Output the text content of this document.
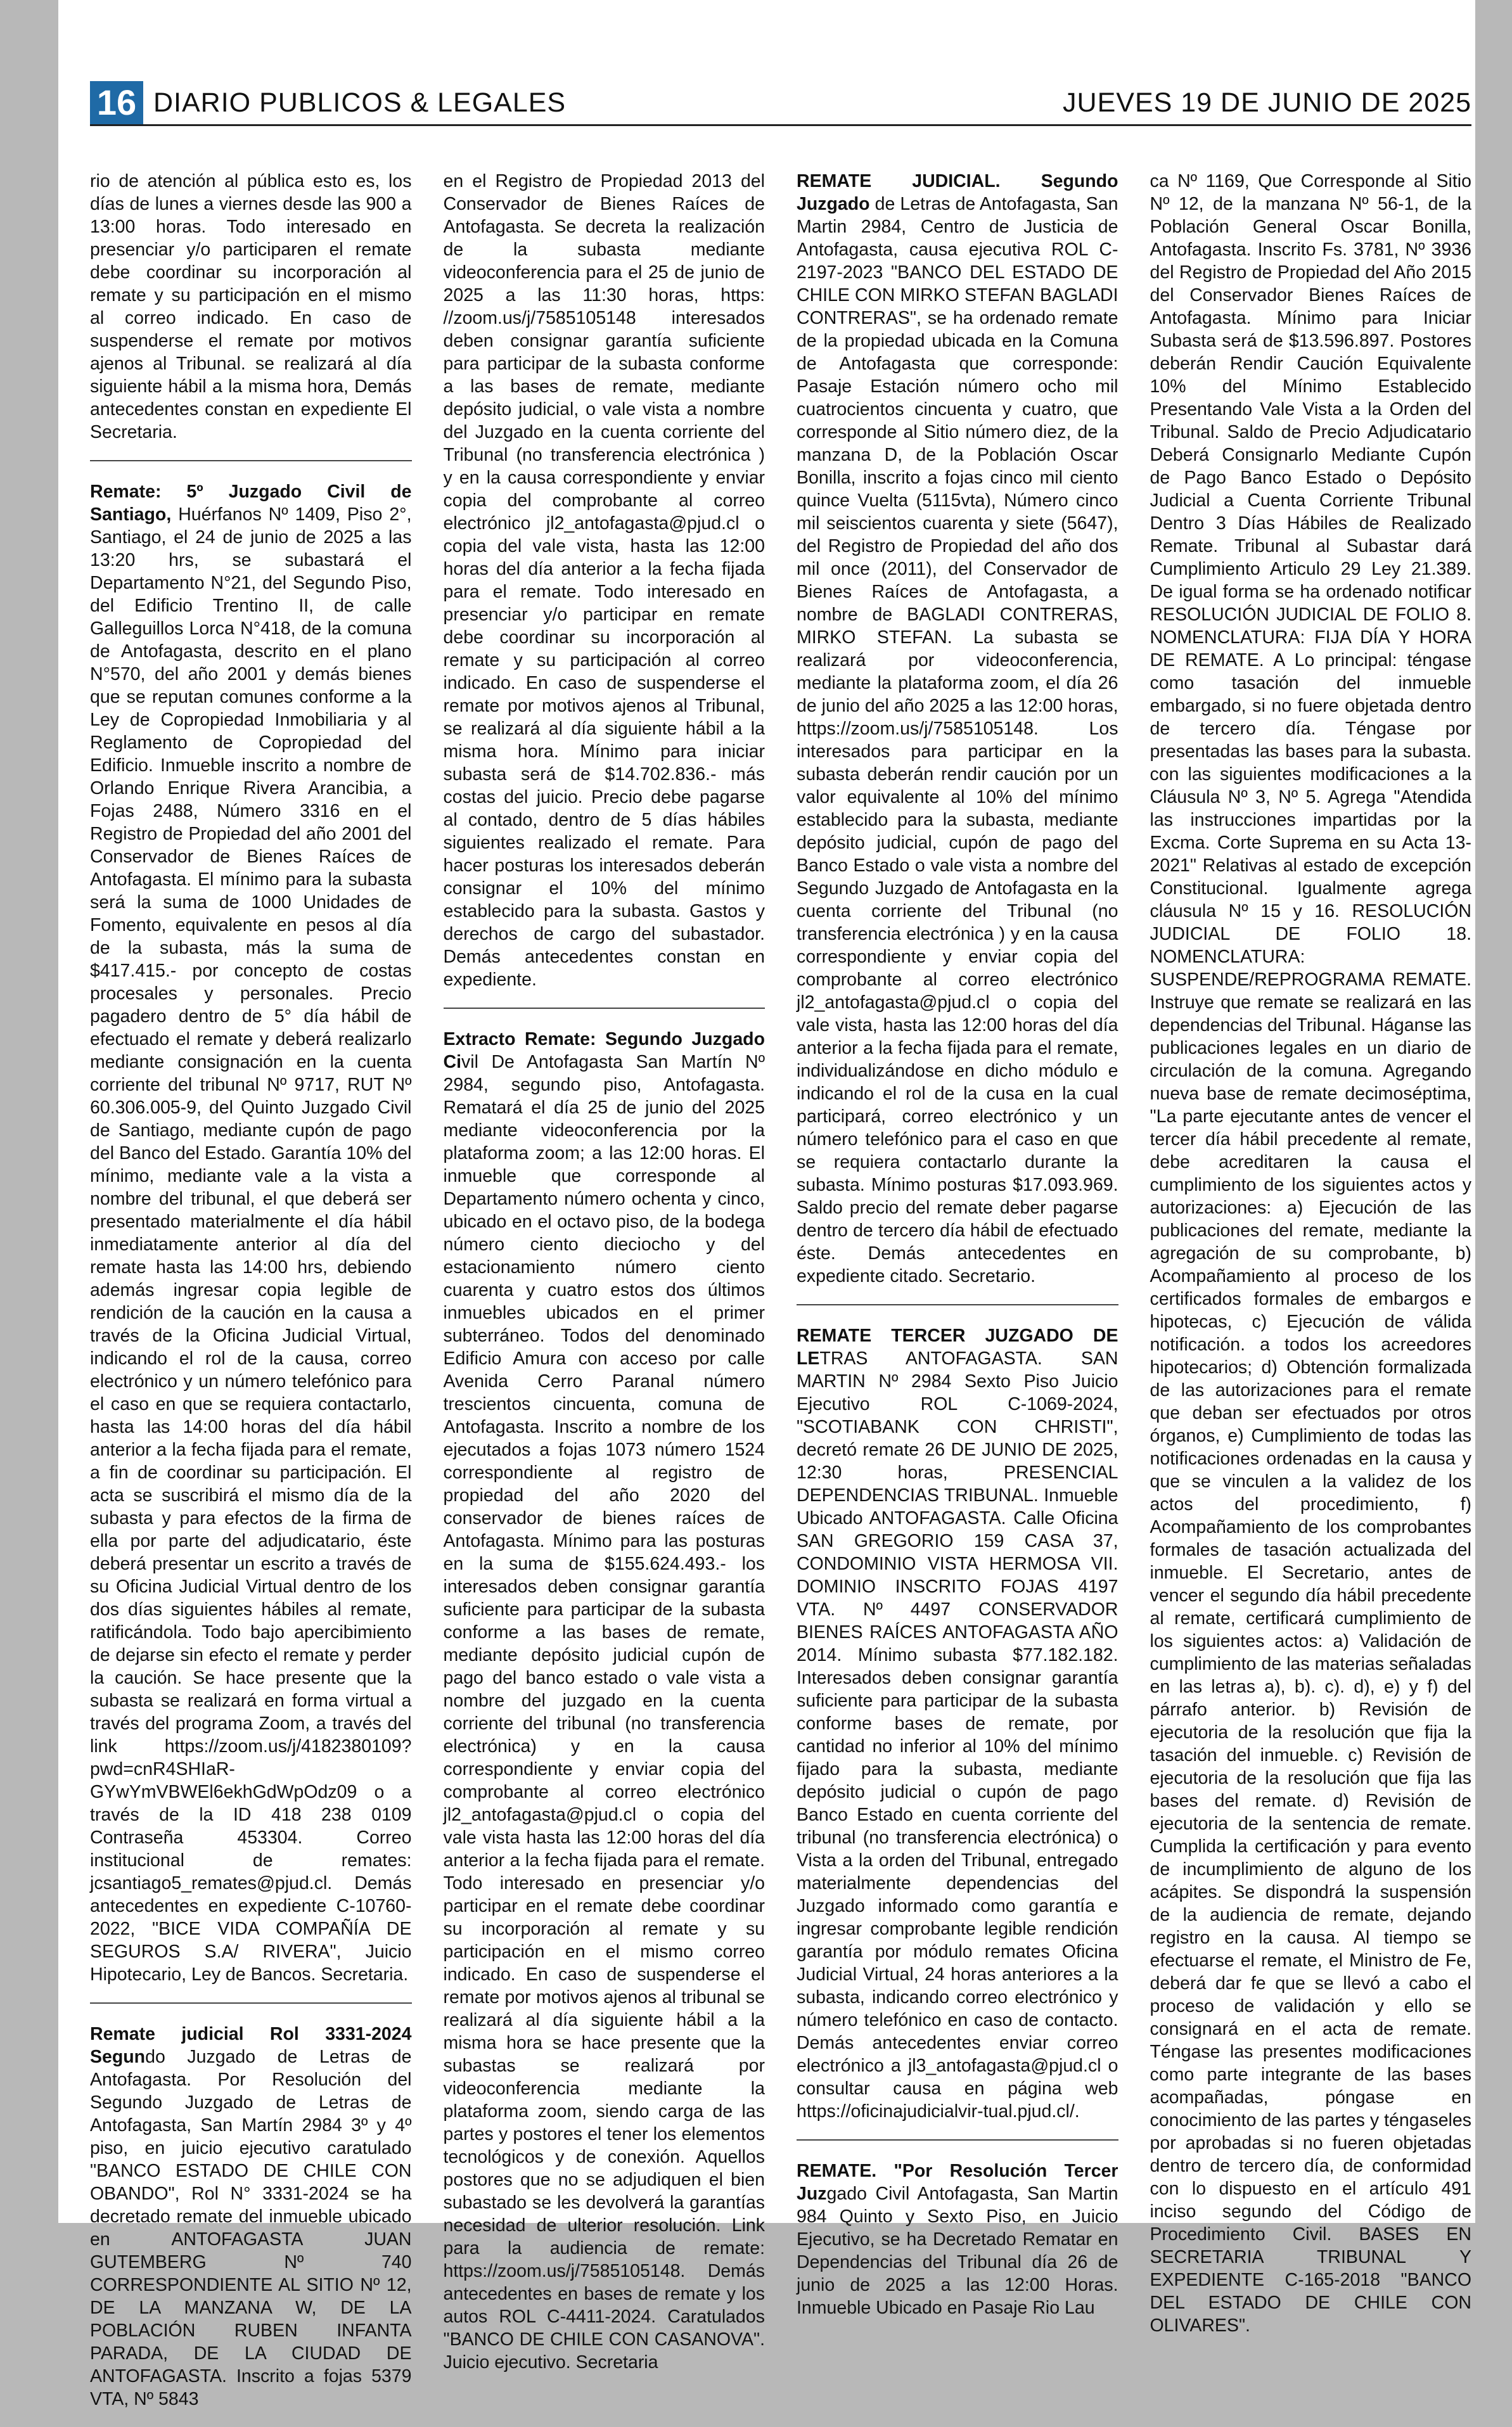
16 DIARIO PUBLICOS & LEGALES	JUEVES 19 DE JUNIO DE 2025

rio de atención al pública esto es, los días de lunes a viernes desde las 900 a 13:00 horas. Todo interesado en presenciar y/o participaren el remate debe coordinar su incorporación al remate y su participación en el mismo al correo indicado. En caso de suspenderse el remate por motivos ajenos al Tribunal. se realizará al día siguiente hábil a la misma hora, Demás antecedentes constan en expediente El Secretaria.

Remate: 5º Juzgado Civil de Santiago, Huérfanos Nº 1409, Piso 2°, Santiago, el 24 de junio de 2025 a las 13:20 hrs, se subastará el Departamento N°21, del Segundo Piso, del Edificio Trentino II, de calle Galleguillos Lorca N°418, de la comuna de Antofagasta, descrito en el plano N°570, del año 2001 y demás bienes que se reputan comunes conforme a la Ley de Copropiedad Inmobiliaria y al Reglamento de Copropiedad del Edificio. Inmueble inscrito a nombre de Orlando Enrique Rivera Arancibia, a Fojas 2488, Número 3316 en el Registro de Propiedad del año 2001 del Conservador de Bienes Raíces de Antofagasta. El mínimo para la subasta será la suma de 1000 Unidades de Fomento, equivalente en pesos al día de la subasta, más la suma de $417.415.- por concepto de costas procesales y personales. Precio pagadero dentro de 5° día hábil de efectuado el remate y deberá realizarlo mediante consignación en la cuenta corriente del tribunal Nº 9717, RUT Nº 60.306.005-9, del Quinto Juzgado Civil de Santiago, mediante cupón de pago del Banco del Estado. Garantía 10% del mínimo, mediante vale a la vista a nombre del tribunal, el que deberá ser presentado materialmente el día hábil inmediatamente anterior al día del remate hasta las 14:00 hrs, debiendo además ingresar copia legible de rendición de la caución en la causa a través de la Oficina Judicial Virtual, indicando el rol de la causa, correo electrónico y un número telefónico para el caso en que se requiera contactarlo, hasta las 14:00 horas del día hábil anterior a la fecha fijada para el remate, a fin de coordinar su participación. El acta se suscribirá el mismo día de la subasta y para efectos de la firma de ella por parte del adjudicatario, éste deberá presentar un escrito a través de su Oficina Judicial Virtual dentro de los dos días siguientes hábiles al remate, ratificándola. Todo bajo apercibimiento de dejarse sin efecto el remate y perder la caución. Se hace presente que la subasta se realizará en forma virtual a través del programa Zoom, a través del link https://zoom.us/j/4182380109?pwd=cnR4SHIaR-GYwYmVBWEl6ekhGdWpOdz09 o a través de la ID 418 238 0109 Contraseña 453304. Correo institucional de remates: jcsantiago5_remates@pjud.cl. Demás antecedentes en expediente C-10760-2022, "BICE VIDA COMPAÑÍA DE SEGUROS S.A/ RIVERA", Juicio Hipotecario, Ley de Bancos. Secretaria.

Remate judicial Rol 3331-2024 Segundo Juzgado de Letras de Antofagasta. Por Resolución del Segundo Juzgado de Letras de Antofagasta, San Martín 2984 3º y 4º piso, en juicio ejecutivo caratulado "BANCO ESTADO DE CHILE CON OBANDO", Rol N° 3331-2024 se ha decretado remate del inmueble ubicado en ANTOFAGASTA JUAN GUTEMBERG Nº 740 CORRESPONDIENTE AL SITIO Nº 12, DE LA MANZANA W, DE LA POBLACIÓN RUBEN INFANTA PARADA, DE LA CIUDAD DE ANTOFAGASTA. Inscrito a fojas 5379 VTA, Nº 5843

en el Registro de Propiedad 2013 del Conservador de Bienes Raíces de Antofagasta. Se decreta la realización de la subasta mediante videoconferencia para el 25 de junio de 2025 a las 11:30 horas, https: //zoom.us/j/7585105148 interesados deben consignar garantía suficiente para participar de la subasta conforme a las bases de remate, mediante depósito judicial, o vale vista a nombre del Juzgado en la cuenta corriente del Tribunal (no transferencia electrónica ) y en la causa correspondiente y enviar copia del comprobante al correo electrónico jl2_antofagasta@pjud.cl o copia del vale vista, hasta las 12:00 horas del día anterior a la fecha fijada para el remate. Todo interesado en presenciar y/o participar en remate debe coordinar su incorporación al remate y su participación al correo indicado. En caso de suspenderse el remate por motivos ajenos al Tribunal, se realizará al día siguiente hábil a la misma hora. Mínimo para iniciar subasta será de $14.702.836.- más costas del juicio. Precio debe pagarse al contado, dentro de 5 días hábiles siguientes realizado el remate. Para hacer posturas los interesados deberán consignar el 10% del mínimo establecido para la subasta. Gastos y derechos de cargo del subastador. Demás antecedentes constan en expediente.

Extracto Remate: Segundo Juzgado Civil De Antofagasta San Martín Nº 2984, segundo piso, Antofagasta. Rematará el día 25 de junio del 2025 mediante videoconferencia por la plataforma zoom; a las 12:00 horas. El inmueble que corresponde al Departamento número ochenta y cinco, ubicado en el octavo piso, de la bodega número ciento dieciocho y del estacionamiento número ciento cuarenta y cuatro estos dos últimos inmuebles ubicados en el primer subterráneo. Todos del denominado Edificio Amura con acceso por calle Avenida Cerro Paranal número trescientos cincuenta, comuna de Antofagasta. Inscrito a nombre de los ejecutados a fojas 1073 número 1524 correspondiente al registro de propiedad del año 2020 del conservador de bienes raíces de Antofagasta. Mínimo para las posturas en la suma de $155.624.493.- los interesados deben consignar garantía suficiente para participar de la subasta conforme a las bases de remate, mediante depósito judicial cupón de pago del banco estado o vale vista a nombre del juzgado en la cuenta corriente del tribunal (no transferencia electrónica) y en la causa correspondiente y enviar copia del comprobante al correo electrónico jl2_antofagasta@pjud.cl o copia del vale vista hasta las 12:00 horas del día anterior a la fecha fijada para el remate. Todo interesado en presenciar y/o participar en el remate debe coordinar su incorporación al remate y su participación en el mismo correo indicado. En caso de suspenderse el remate por motivos ajenos al tribunal se realizará al día siguiente hábil a la misma hora se hace presente que la subastas se realizará por videoconferencia mediante la plataforma zoom, siendo carga de las partes y postores el tener los elementos tecnológicos y de conexión. Aquellos postores que no se adjudiquen el bien subastado se les devolverá la garantías necesidad de ulterior resolución. Link para la audiencia de remate: https://zoom.us/j/7585105148. Demás antecedentes en bases de remate y los autos ROL C-4411-2024. Caratulados "BANCO DE CHILE CON CASANOVA". Juicio ejecutivo. Secretaria

REMATE JUDICIAL. Segundo Juzgado de Letras de Antofagasta, San Martin 2984, Centro de Justicia de Antofagasta, causa ejecutiva ROL C-2197-2023 "BANCO DEL ESTADO DE CHILE CON MIRKO STEFAN BAGLADI CONTRERAS", se ha ordenado remate de la propiedad ubicada en la Comuna de Antofagasta que corresponde: Pasaje Estación número ocho mil cuatrocientos cincuenta y cuatro, que corresponde al Sitio número diez, de la manzana D, de la Población Oscar Bonilla, inscrito a fojas cinco mil ciento quince Vuelta (5115vta), Número cinco mil seiscientos cuarenta y siete (5647), del Registro de Propiedad del año dos mil once (2011), del Conservador de Bienes Raíces de Antofagasta, a nombre de BAGLADI CONTRERAS, MIRKO STEFAN. La subasta se realizará por videoconferencia, mediante la plataforma zoom, el día 26 de junio del año 2025 a las 12:00 horas, https://zoom.us/j/7585105148. Los interesados para participar en la subasta deberán rendir caución por un valor equivalente al 10% del mínimo establecido para la subasta, mediante depósito judicial, cupón de pago del Banco Estado o vale vista a nombre del Segundo Juzgado de Antofagasta en la cuenta corriente del Tribunal (no transferencia electrónica ) y en la causa correspondiente y enviar copia del comprobante al correo electrónico jl2_antofagasta@pjud.cl o copia del vale vista, hasta las 12:00 horas del día anterior a la fecha fijada para el remate, individualizándose en dicho módulo e indicando el rol de la cusa en la cual participará, correo electrónico y un número telefónico para el caso en que se requiera contactarlo durante la subasta. Mínimo posturas $17.093.969. Saldo precio del remate deber pagarse dentro de tercero día hábil de efectuado éste. Demás antecedentes en expediente citado. Secretario.

REMATE TERCER JUZGADO DE LETRAS ANTOFAGASTA. SAN MARTIN Nº 2984 Sexto Piso Juicio Ejecutivo ROL C-1069-2024, "SCOTIABANK CON CHRISTI", decretó remate 26 DE JUNIO DE 2025, 12:30 horas, PRESENCIAL DEPENDENCIAS TRIBUNAL. Inmueble Ubicado ANTOFAGASTA. Calle Oficina SAN GREGORIO 159 CASA 37, CONDOMINIO VISTA HERMOSA VII. DOMINIO INSCRITO FOJAS 4197 VTA. Nº 4497 CONSERVADOR BIENES RAÍCES ANTOFAGASTA AÑO 2014. Mínimo subasta $77.182.182. Interesados deben consignar garantía suficiente para participar de la subasta conforme bases de remate, por cantidad no inferior al 10% del mínimo fijado para la subasta, mediante depósito judicial o cupón de pago Banco Estado en cuenta corriente del tribunal (no transferencia electrónica) o Vista a la orden del Tribunal, entregado materialmente dependencias del Juzgado informado como garantía e ingresar comprobante legible rendición garantía por módulo remates Oficina Judicial Virtual, 24 horas anteriores a la subasta, indicando correo electrónico y número telefónico en caso de contacto. Demás antecedentes enviar correo electrónico a jl3_antofagasta@pjud.cl o consultar causa en página web https://oficinajudicialvir-tual.pjud.cl/.

REMATE. "Por Resolución Tercer Juzgado Civil Antofagasta, San Martin 984 Quinto y Sexto Piso, en Juicio Ejecutivo, se ha Decretado Rematar en Dependencias del Tribunal día 26 de junio de 2025 a las 12:00 Horas. Inmueble Ubicado en Pasaje Rio Lau

ca Nº 1169, Que Corresponde al Sitio Nº 12, de la manzana Nº 56-1, de la Población General Oscar Bonilla, Antofagasta. Inscrito Fs. 3781, Nº 3936 del Registro de Propiedad del Año 2015 del Conservador Bienes Raíces de Antofagasta. Mínimo para Iniciar Subasta será de $13.596.897. Postores deberán Rendir Caución Equivalente 10% del Mínimo Establecido Presentando Vale Vista a la Orden del Tribunal. Saldo de Precio Adjudicatario Deberá Consignarlo Mediante Cupón de Pago Banco Estado o Depósito Judicial a Cuenta Corriente Tribunal Dentro 3 Días Hábiles de Realizado Remate. Tribunal al Subastar dará Cumplimiento Articulo 29 Ley 21.389. De igual forma se ha ordenado notificar RESOLUCIÓN JUDICIAL DE FOLIO 8. NOMENCLATURA: FIJA DÍA Y HORA DE REMATE. A Lo principal: téngase como tasación del inmueble embargado, si no fuere objetada dentro de tercero día. Téngase por presentadas las bases para la subasta. con las siguientes modificaciones a la Cláusula Nº 3, Nº 5. Agrega "Atendida las instrucciones impartidas por la Excma. Corte Suprema en su Acta 13-2021" Relativas al estado de excepción Constitucional. Igualmente agrega cláusula Nº 15 y 16. RESOLUCIÓN JUDICIAL DE FOLIO 18. NOMENCLATURA: SUSPENDE/REPROGRAMA REMATE. Instruye que remate se realizará en las dependencias del Tribunal. Háganse las publicaciones legales en un diario de circulación de la comuna. Agregando nueva base de remate decimoséptima, "La parte ejecutante antes de vencer el tercer día hábil precedente al remate, debe acreditaren la causa el cumplimiento de los siguientes actos y autorizaciones: a) Ejecución de las publicaciones del remate, mediante la agregación de su comprobante, b) Acompañamiento al proceso de los certificados formales de embargos e hipotecas, c) Ejecución de válida notificación. a todos los acreedores hipotecarios; d) Obtención formalizada de las autorizaciones para el remate que deban ser efectuados por otros órganos, e) Cumplimiento de todas las notificaciones ordenadas en la causa y que se vinculen a la validez de los actos del procedimiento, f) Acompañamiento de los comprobantes formales de tasación actualizada del inmueble. El Secretario, antes de vencer el segundo día hábil precedente al remate, certificará cumplimiento de los siguientes actos: a) Validación de cumplimiento de las materias señaladas en las letras a), b). c). d), e) y f) del párrafo anterior. b) Revisión de ejecutoria de la resolución que fija la tasación del inmueble. c) Revisión de ejecutoria de la resolución que fija las bases del remate. d) Revisión de ejecutoria de la sentencia de remate. Cumplida la certificación y para evento de incumplimiento de alguno de los acápites. Se dispondrá la suspensión de la audiencia de remate, dejando registro en la causa. Al tiempo se efectuarse el remate, el Ministro de Fe, deberá dar fe que se llevó a cabo el proceso de validación y ello se consignará en el acta de remate. Téngase las presentes modificaciones como parte integrante de las bases acompañadas, póngase en conocimiento de las partes y téngaseles por aprobadas si no fueren objetadas dentro de tercero día, de conformidad con lo dispuesto en el artículo 491 inciso segundo del Código de Procedimiento Civil. BASES EN SECRETARIA TRIBUNAL Y EXPEDIENTE C-165-2018 "BANCO DEL ESTADO DE CHILE CON OLIVARES".
